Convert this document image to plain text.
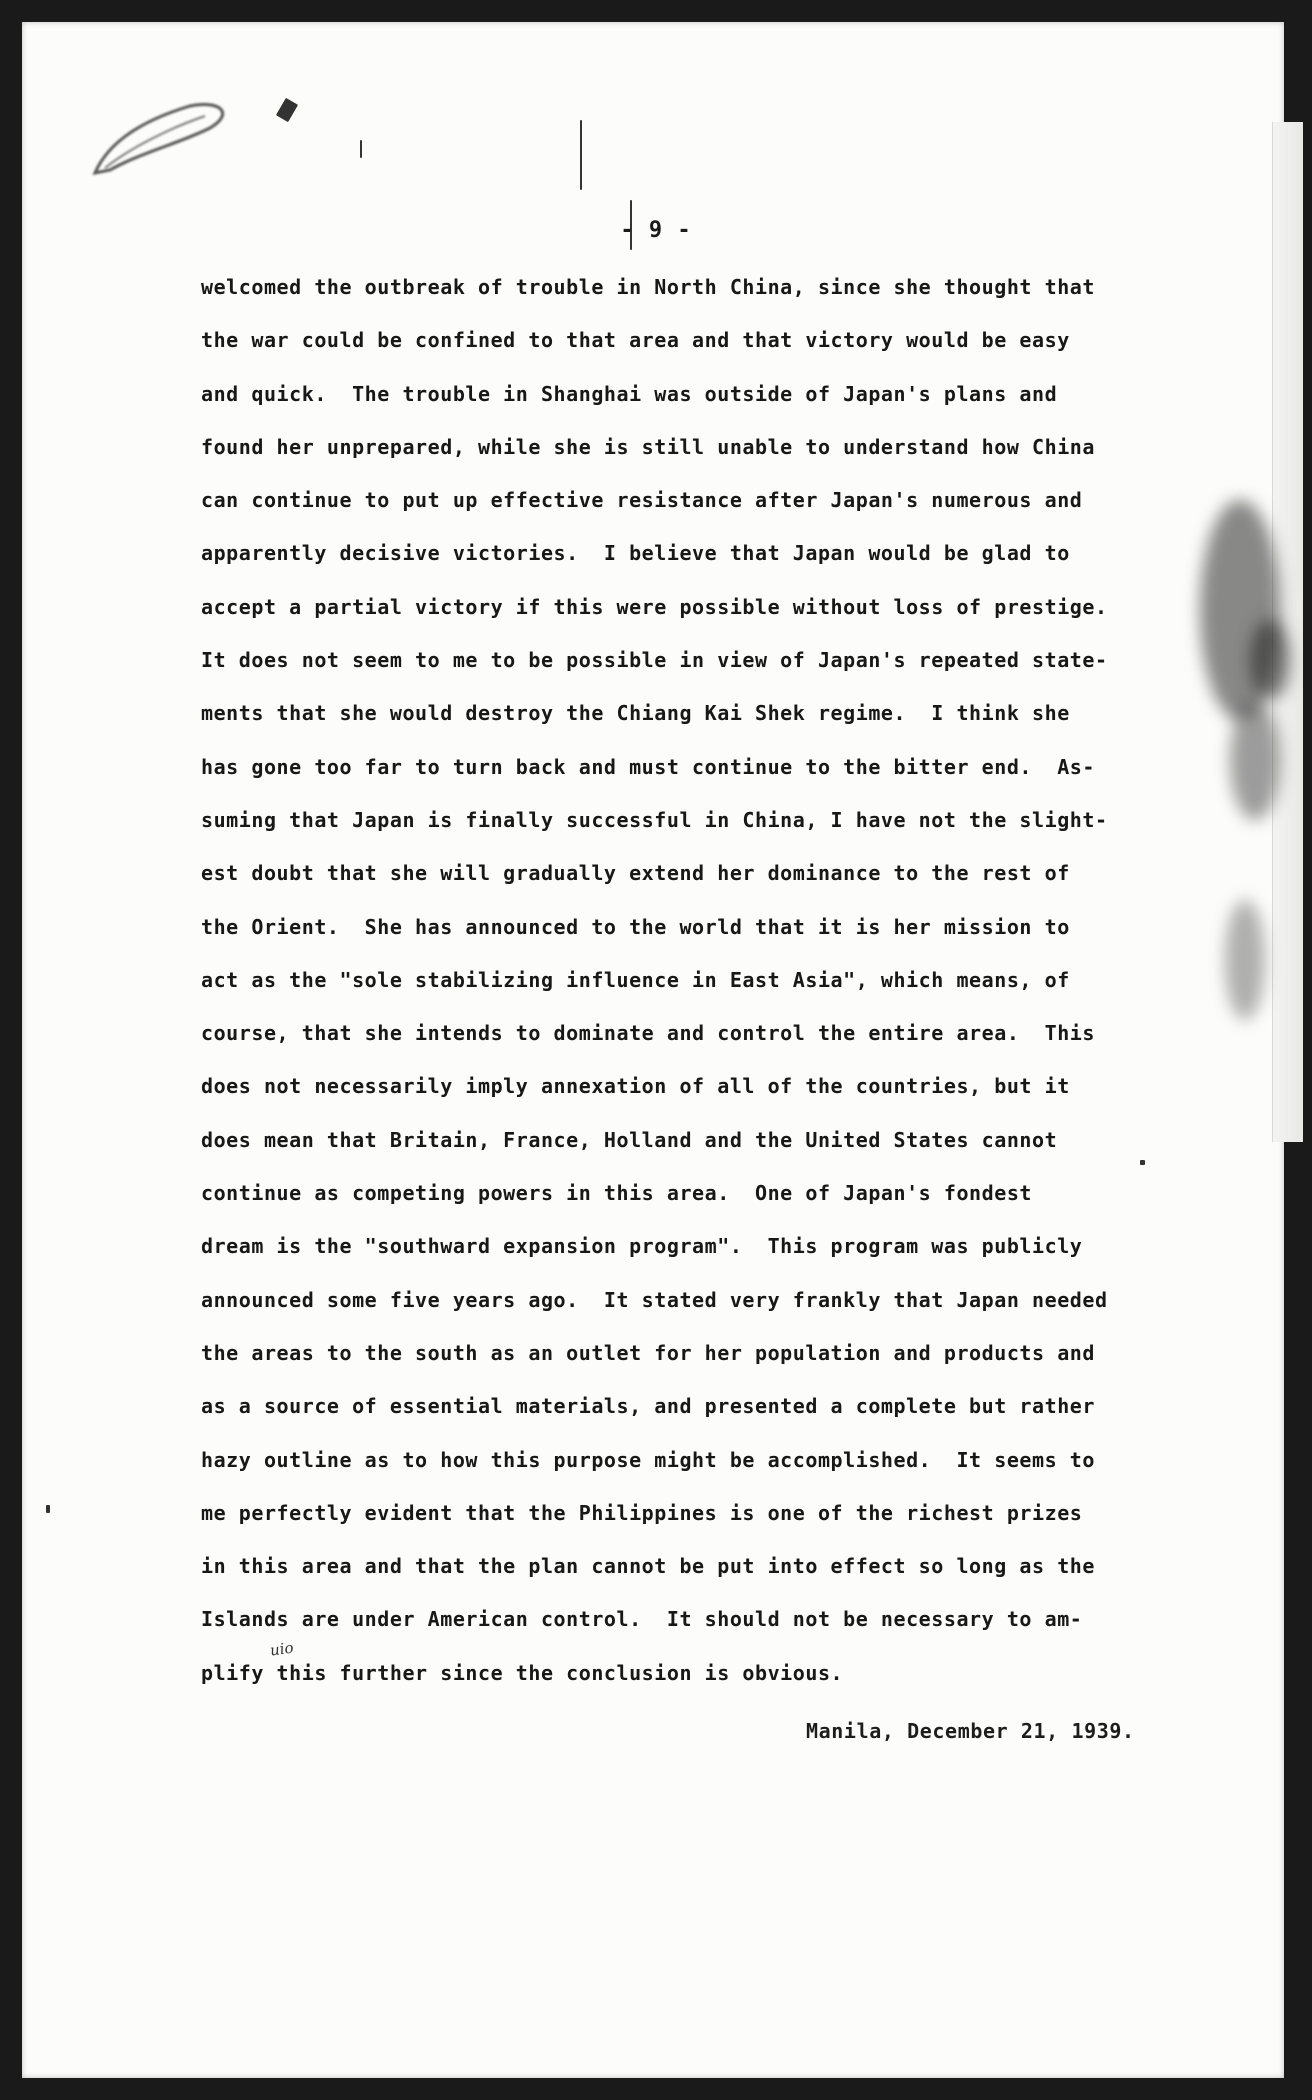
- 9 -
welcomed the outbreak of trouble in North China, since she thought that
the war could be confined to that area and that victory would be easy
and quick.  The trouble in Shanghai was outside of Japan's plans and
found her unprepared, while she is still unable to understand how China
can continue to put up effective resistance after Japan's numerous and
apparently decisive victories.  I believe that Japan would be glad to
accept a partial victory if this were possible without loss of prestige.
It does not seem to me to be possible in view of Japan's repeated state-
ments that she would destroy the Chiang Kai Shek regime.  I think she
has gone too far to turn back and must continue to the bitter end.  As-
suming that Japan is finally successful in China, I have not the slight-
est doubt that she will gradually extend her dominance to the rest of
the Orient.  She has announced to the world that it is her mission to
act as the "sole stabilizing influence in East Asia", which means, of
course, that she intends to dominate and control the entire area.  This
does not necessarily imply annexation of all of the countries, but it
does mean that Britain, France, Holland and the United States cannot
continue as competing powers in this area.  One of Japan's fondest
dream is the "southward expansion program".  This program was publicly
announced some five years ago.  It stated very frankly that Japan needed
the areas to the south as an outlet for her population and products and
as a source of essential materials, and presented a complete but rather
hazy outline as to how this purpose might be accomplished.  It seems to
me perfectly evident that the Philippines is one of the richest prizes
in this area and that the plan cannot be put into effect so long as the
Islands are under American control.  It should not be necessary to am-
plify this further since the conclusion is obvious.
uio
Manila, December 21, 1939.
